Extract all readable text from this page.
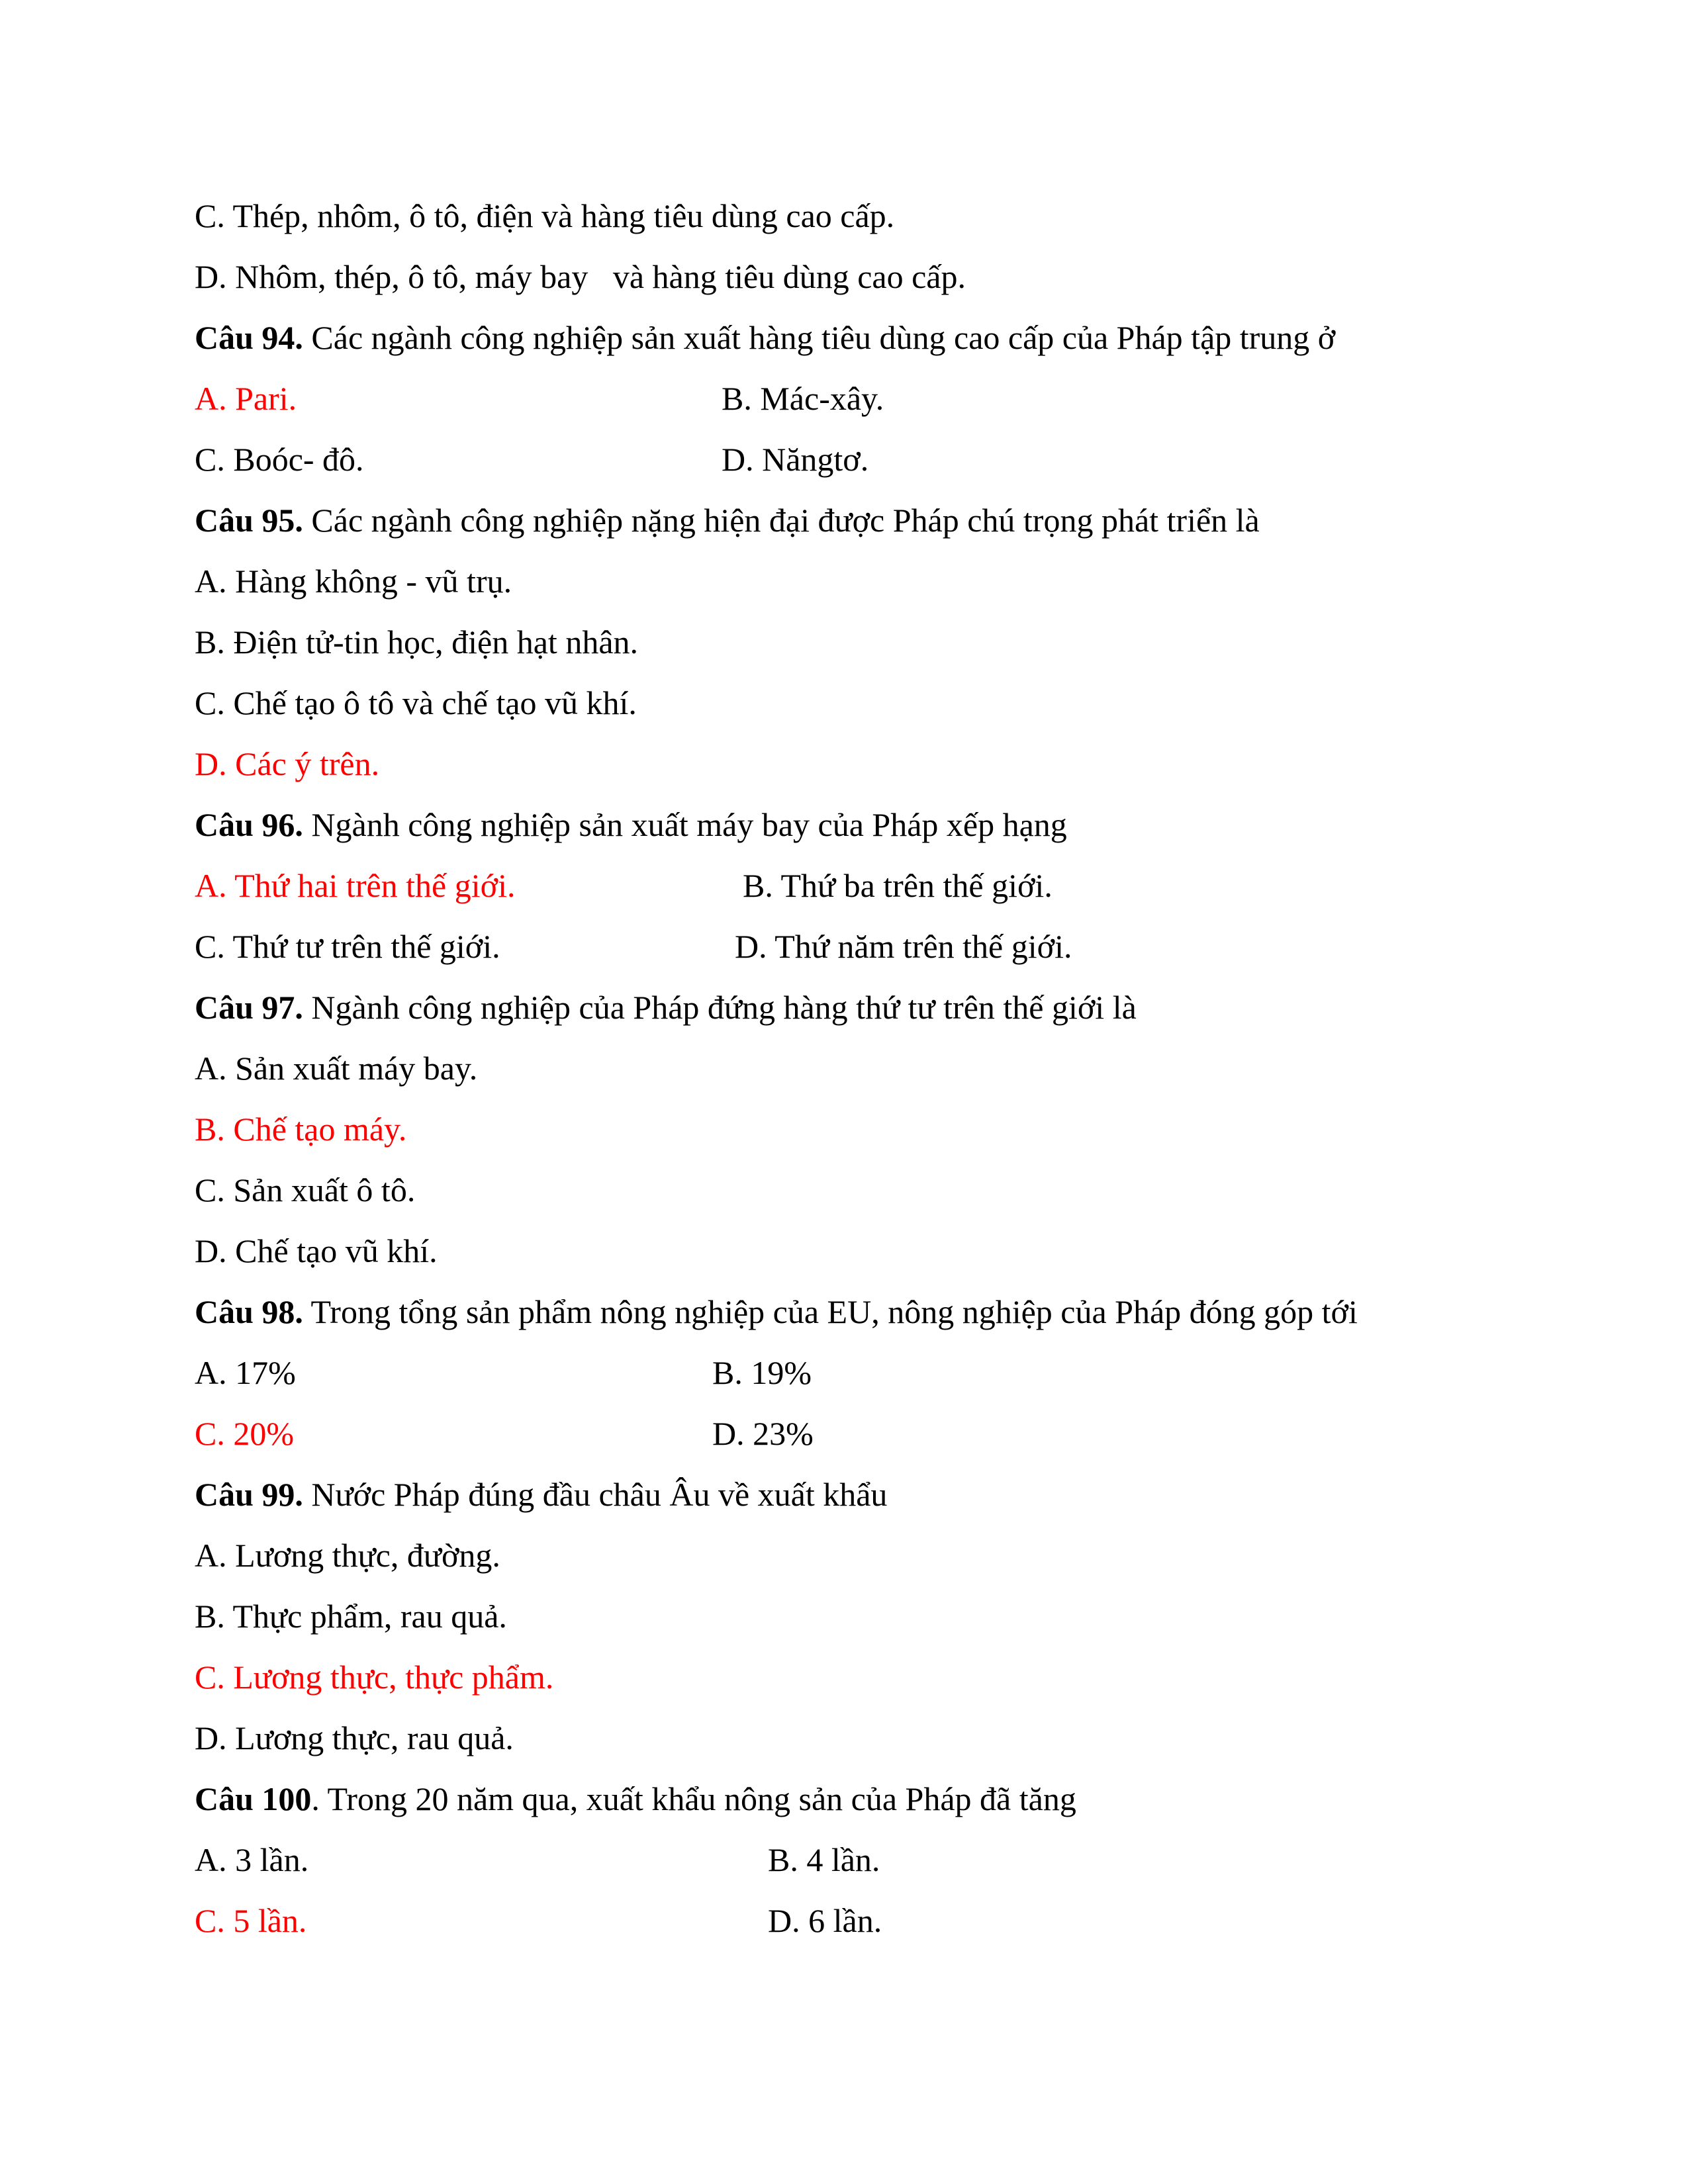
C. Thép, nhôm, ô tô, điện và hàng tiêu dùng cao cấp.
D. Nhôm, thép, ô tô, máy bay   và hàng tiêu dùng cao cấp.
Câu 94. Các ngành công nghiệp sản xuất hàng tiêu dùng cao cấp của Pháp tập trung ở
A. Pari.	B. Mác-xây.
C. Boóc- đô.	D. Năngtơ.
Câu 95. Các ngành công nghiệp nặng hiện đại được Pháp chú trọng phát triển là
A. Hàng không - vũ trụ.
B. Điện tử-tin học, điện hạt nhân.
C. Chế tạo ô tô và chế tạo vũ khí.
D. Các ý trên.
Câu 96. Ngành công nghiệp sản xuất máy bay của Pháp xếp hạng
A. Thứ hai trên thế giới.	B. Thứ ba trên thế giới.
C. Thứ tư trên thế giới.	D. Thứ năm trên thế giới.
Câu 97. Ngành công nghiệp của Pháp đứng hàng thứ tư trên thế giới là
A. Sản xuất máy bay.
B. Chế tạo máy.
C. Sản xuất ô tô.
D. Chế tạo vũ khí.
Câu 98. Trong tổng sản phẩm nông nghiệp của EU, nông nghiệp của Pháp đóng góp tới
A. 17%	B. 19%
C. 20%	D. 23%
Câu 99. Nước Pháp đúng đầu châu Âu về xuất khẩu
A. Lương thực, đường.
B. Thực phẩm, rau quả.
C. Lương thực, thực phẩm.
D. Lương thực, rau quả.
Câu 100. Trong 20 năm qua, xuất khẩu nông sản của Pháp đã tăng
A. 3 lần.	B. 4 lần.
C. 5 lần.	D. 6 lần.
